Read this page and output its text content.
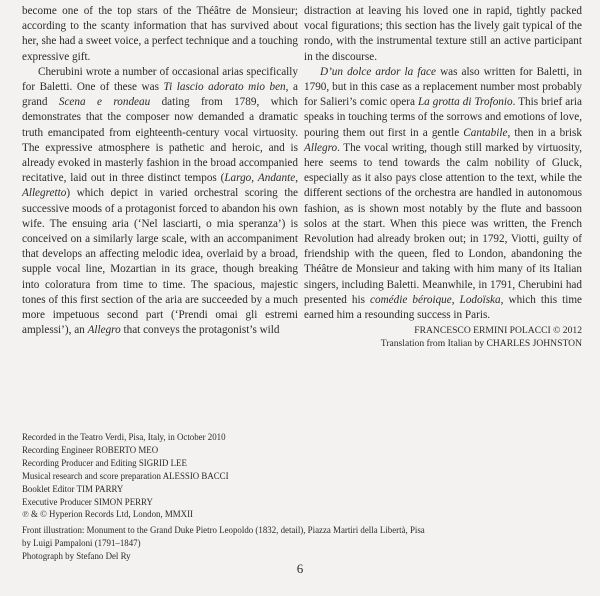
become one of the top stars of the Théâtre de Monsieur; according to the scanty information that has survived about her, she had a sweet voice, a perfect technique and a touching expressive gift.

Cherubini wrote a number of occasional arias specifically for Baletti. One of these was Ti lascio adorato mio ben, a grand Scena e rondeau dating from 1789, which demonstrates that the composer now demanded a dramatic truth emancipated from eighteenth-century vocal virtuosity. The expressive atmosphere is pathetic and heroic, and is already evoked in masterly fashion in the broad accompanied recitative, laid out in three distinct tempos (Largo, Andante, Allegretto) which depict in varied orchestral scoring the successive moods of a protagonist forced to abandon his own wife. The ensuing aria (‘Nel lasciarti, o mia speranza’) is conceived on a similarly large scale, with an accompaniment that develops an affecting melodic idea, overlaid by a broad, supple vocal line, Mozartian in its grace, though breaking into coloratura from time to time. The spacious, majestic tones of this first section of the aria are succeeded by a much more impetuous second part (‘Prendi omai gli estremi amplessi’), an Allegro that conveys the protagonist’s wild

distraction at leaving his loved one in rapid, tightly packed vocal figurations; this section has the lively gait typical of the rondo, with the instrumental texture still an active participant in the discourse.

D’un dolce ardor la face was also written for Baletti, in 1790, but in this case as a replacement number most probably for Salieri’s comic opera La grotta di Trofonio. This brief aria speaks in touching terms of the sorrows and emotions of love, pouring them out first in a gentle Cantabile, then in a brisk Allegro. The vocal writing, though still marked by virtuosity, here seems to tend towards the calm nobility of Gluck, especially as it also pays close attention to the text, while the different sections of the orchestra are handled in autonomous fashion, as is shown most notably by the flute and bassoon solos at the start. When this piece was written, the French Revolution had already broken out; in 1792, Viotti, guilty of friendship with the queen, fled to London, abandoning the Théâtre de Monsieur and taking with him many of its Italian singers, including Baletti. Meanwhile, in 1791, Cherubini had presented his comédie béroique, Lodoïska, which this time earned him a resounding success in Paris.

FRANCESCO ERMINI POLACCI © 2012
Translation from Italian by CHARLES JOHNSTON
Recorded in the Teatro Verdi, Pisa, Italy, in October 2010
Recording Engineer ROBERTO MEO
Recording Producer and Editing SIGRID LEE
Musical research and score preparation ALESSIO BACCI
Booklet Editor TIM PARRY
Executive Producer SIMON PERRY
℗ & © Hyperion Records Ltd, London, MMXII
Front illustration: Monument to the Grand Duke Pietro Leopoldo (1832, detail), Piazza Martiri della Libertà, Pisa
by Luigi Pampaloni (1791–1847)
Photograph by Stefano Del Ry
6
